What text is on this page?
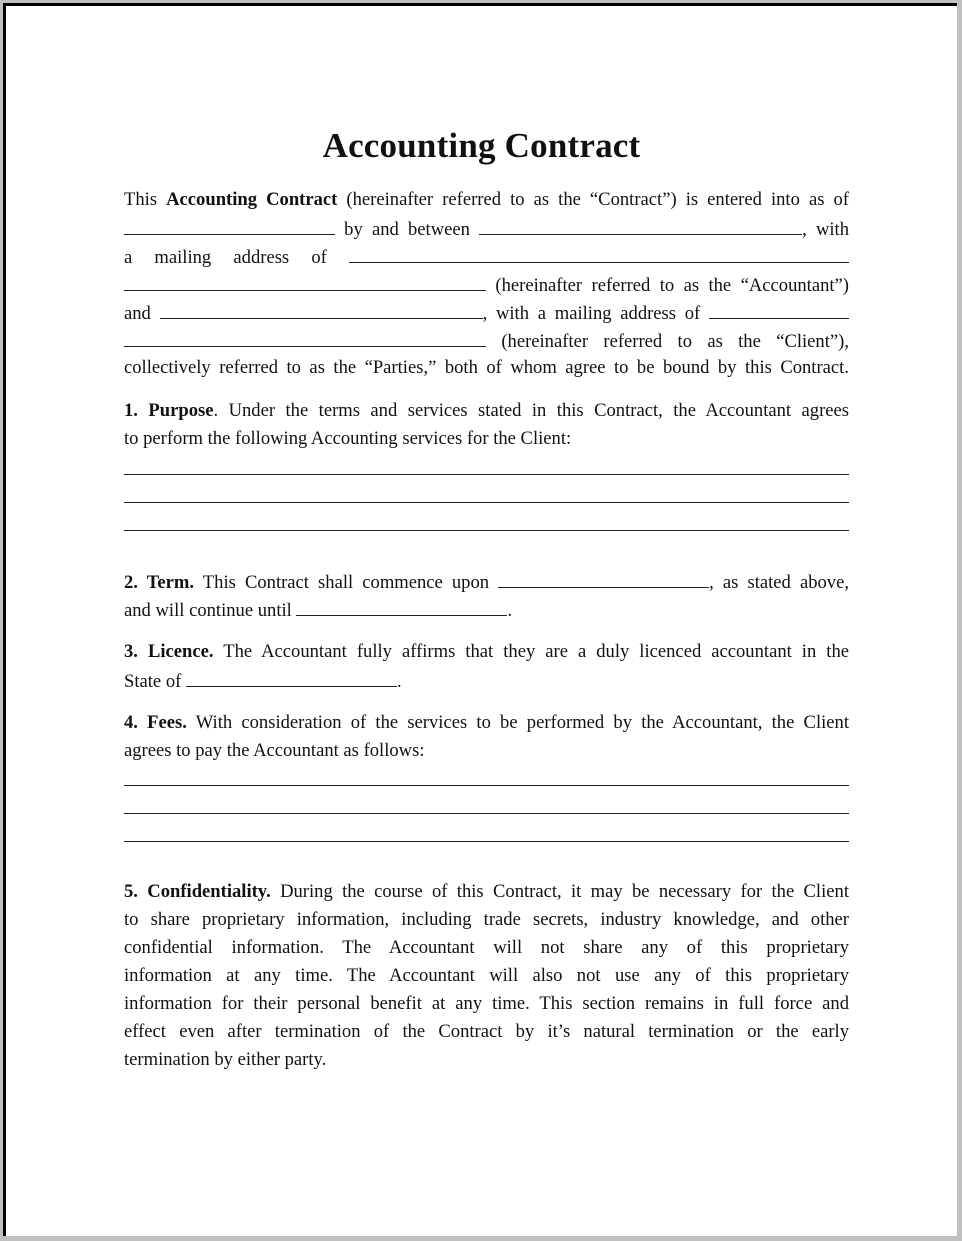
Accounting Contract
This Accounting Contract (hereinafter referred to as the “Contract”) is entered into as of
by and between	, with
a mailing address of
(hereinafter referred to as the “Accountant”)
and	, with a mailing address of
(hereinafter referred to as the “Client”),
collectively referred to as the “Parties,” both of whom agree to be bound by this Contract.
1. Purpose. Under the terms and services stated in this Contract, the Accountant agrees
to perform the following Accounting services for the Client:
2. Term. This Contract shall commence upon	, as stated above,
and will continue until	.
3. Licence. The Accountant fully affirms that they are a duly licenced accountant in the
State of	.
4. Fees. With consideration of the services to be performed by the Accountant, the Client
agrees to pay the Accountant as follows:
5. Confidentiality. During the course of this Contract, it may be necessary for the Client
to share proprietary information, including trade secrets, industry knowledge, and other
confidential information. The Accountant will not share any of this proprietary
information at any time. The Accountant will also not use any of this proprietary
information for their personal benefit at any time. This section remains in full force and
effect even after termination of the Contract by it’s natural termination or the early
termination by either party.
